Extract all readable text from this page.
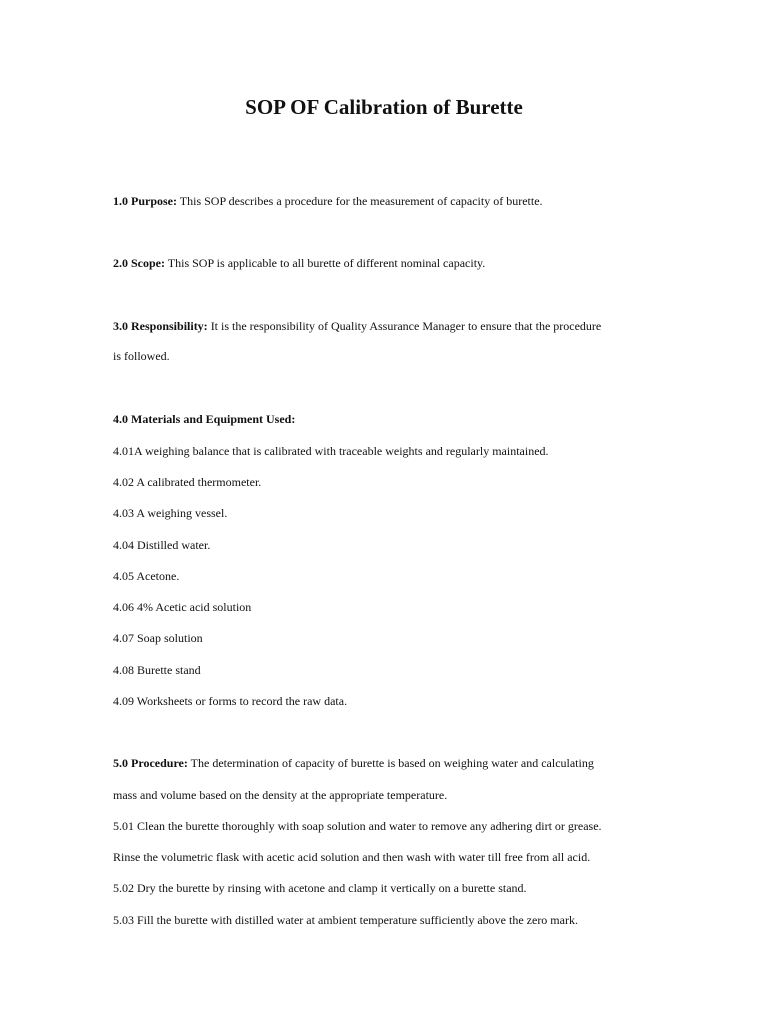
SOP OF Calibration of Burette
1.0 Purpose: This SOP describes a procedure for the measurement of capacity of burette.
2.0 Scope: This SOP is applicable to all burette of different nominal capacity.
3.0 Responsibility: It is the responsibility of Quality Assurance Manager to ensure that the procedure
is followed.
4.0 Materials and Equipment Used:
4.01A weighing balance that is calibrated with traceable weights and regularly maintained.
4.02 A calibrated thermometer.
4.03 A weighing vessel.
4.04 Distilled water.
4.05 Acetone.
4.06 4% Acetic acid solution
4.07 Soap solution
4.08 Burette stand
4.09 Worksheets or forms to record the raw data.
5.0 Procedure: The determination of capacity of burette is based on weighing water and calculating
mass and volume based on the density at the appropriate temperature.
5.01 Clean the burette thoroughly with soap solution and water to remove any adhering dirt or grease.
Rinse the volumetric flask with acetic acid solution and then wash with water till free from all acid.
5.02 Dry the burette by rinsing with acetone and clamp it vertically on a burette stand.
5.03 Fill the burette with distilled water at ambient temperature sufficiently above the zero mark.
